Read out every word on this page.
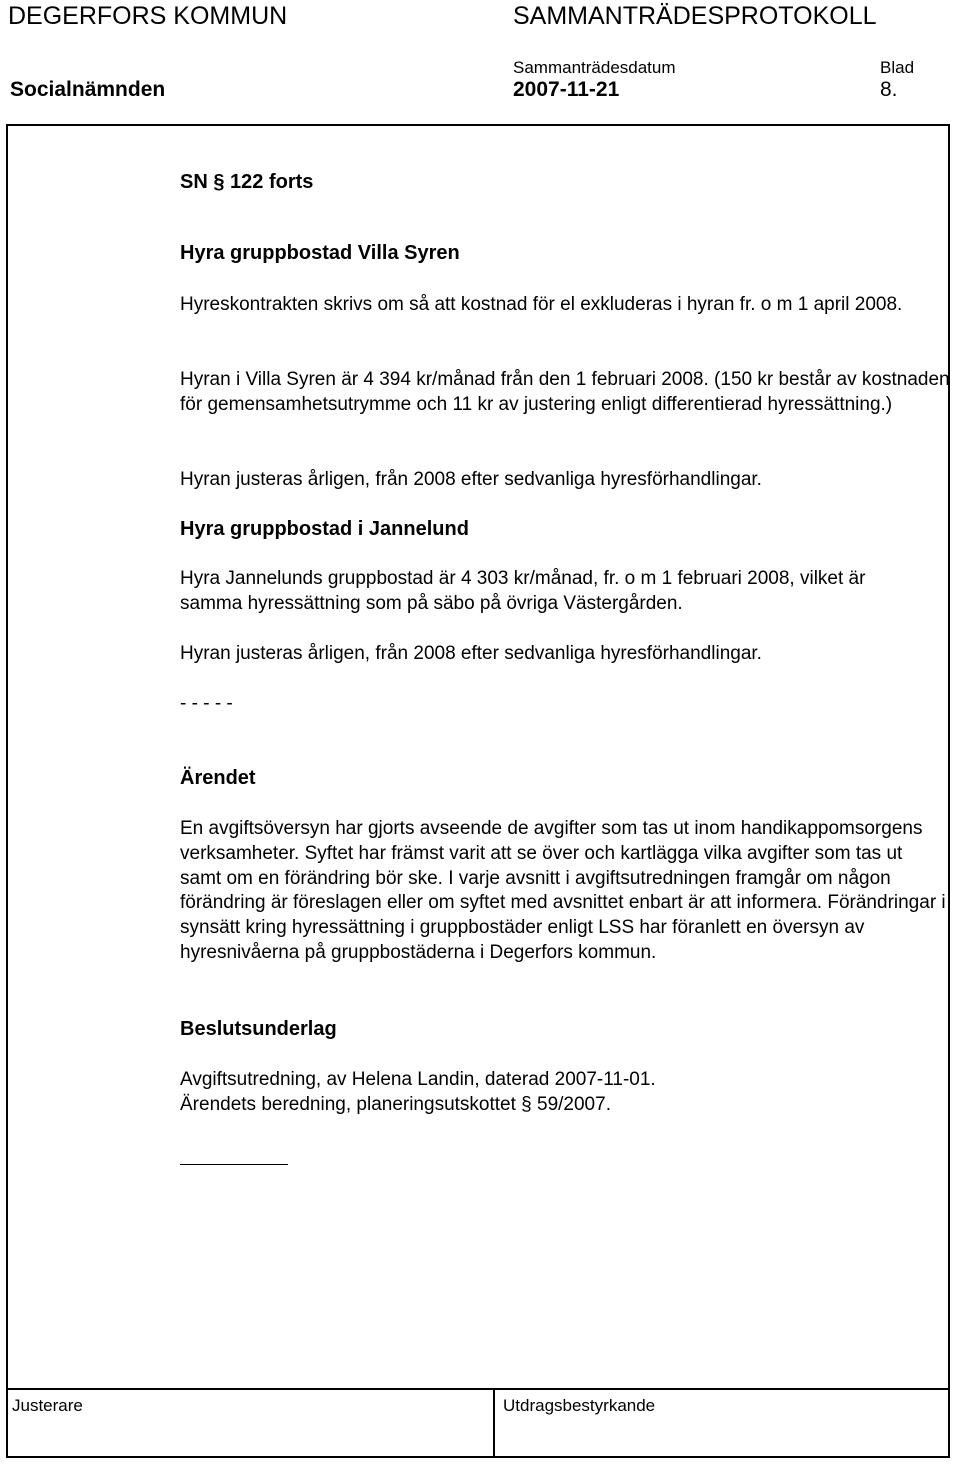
DEGERFORS KOMMUN	SAMMANTRÄDESPROTOKOLL
Sammanträdesdatum	Blad
Socialnämnden	2007-11-21	8.

SN § 122 forts

Hyra gruppbostad Villa Syren

Hyreskontrakten skrivs om så att kostnad för el exkluderas i hyran fr. o m 1 april 2008.

Hyran i Villa Syren är 4 394 kr/månad från den 1 februari 2008. (150 kr består av kostnaden för gemensamhetsutrymme och 11 kr av justering enligt differentierad hyressättning.)

Hyran justeras årligen, från 2008 efter sedvanliga hyresförhandlingar.

Hyra gruppbostad i Jannelund

Hyra Jannelunds gruppbostad är 4 303 kr/månad, fr. o m 1 februari 2008, vilket är samma hyressättning som på säbo på övriga Västergården.

Hyran justeras årligen, från 2008 efter sedvanliga hyresförhandlingar.

- - - - -

Ärendet

En avgiftsöversyn har gjorts avseende de avgifter som tas ut inom handikappomsorgens verksamheter. Syftet har främst varit att se över och kartlägga vilka avgifter som tas ut samt om en förändring bör ske. I varje avsnitt i avgiftsutredningen framgår om någon förändring är föreslagen eller om syftet med avsnittet enbart är att informera. Förändringar i synsätt kring hyressättning i gruppbostäder enligt LSS har föranlett en översyn av hyresnivåerna på gruppbostäderna i Degerfors kommun.

Beslutsunderlag

Avgiftsutredning, av Helena Landin, daterad 2007-11-01.

Ärendets beredning, planeringsutskottet § 59/2007.

Justerare	Utdragsbestyrkande
